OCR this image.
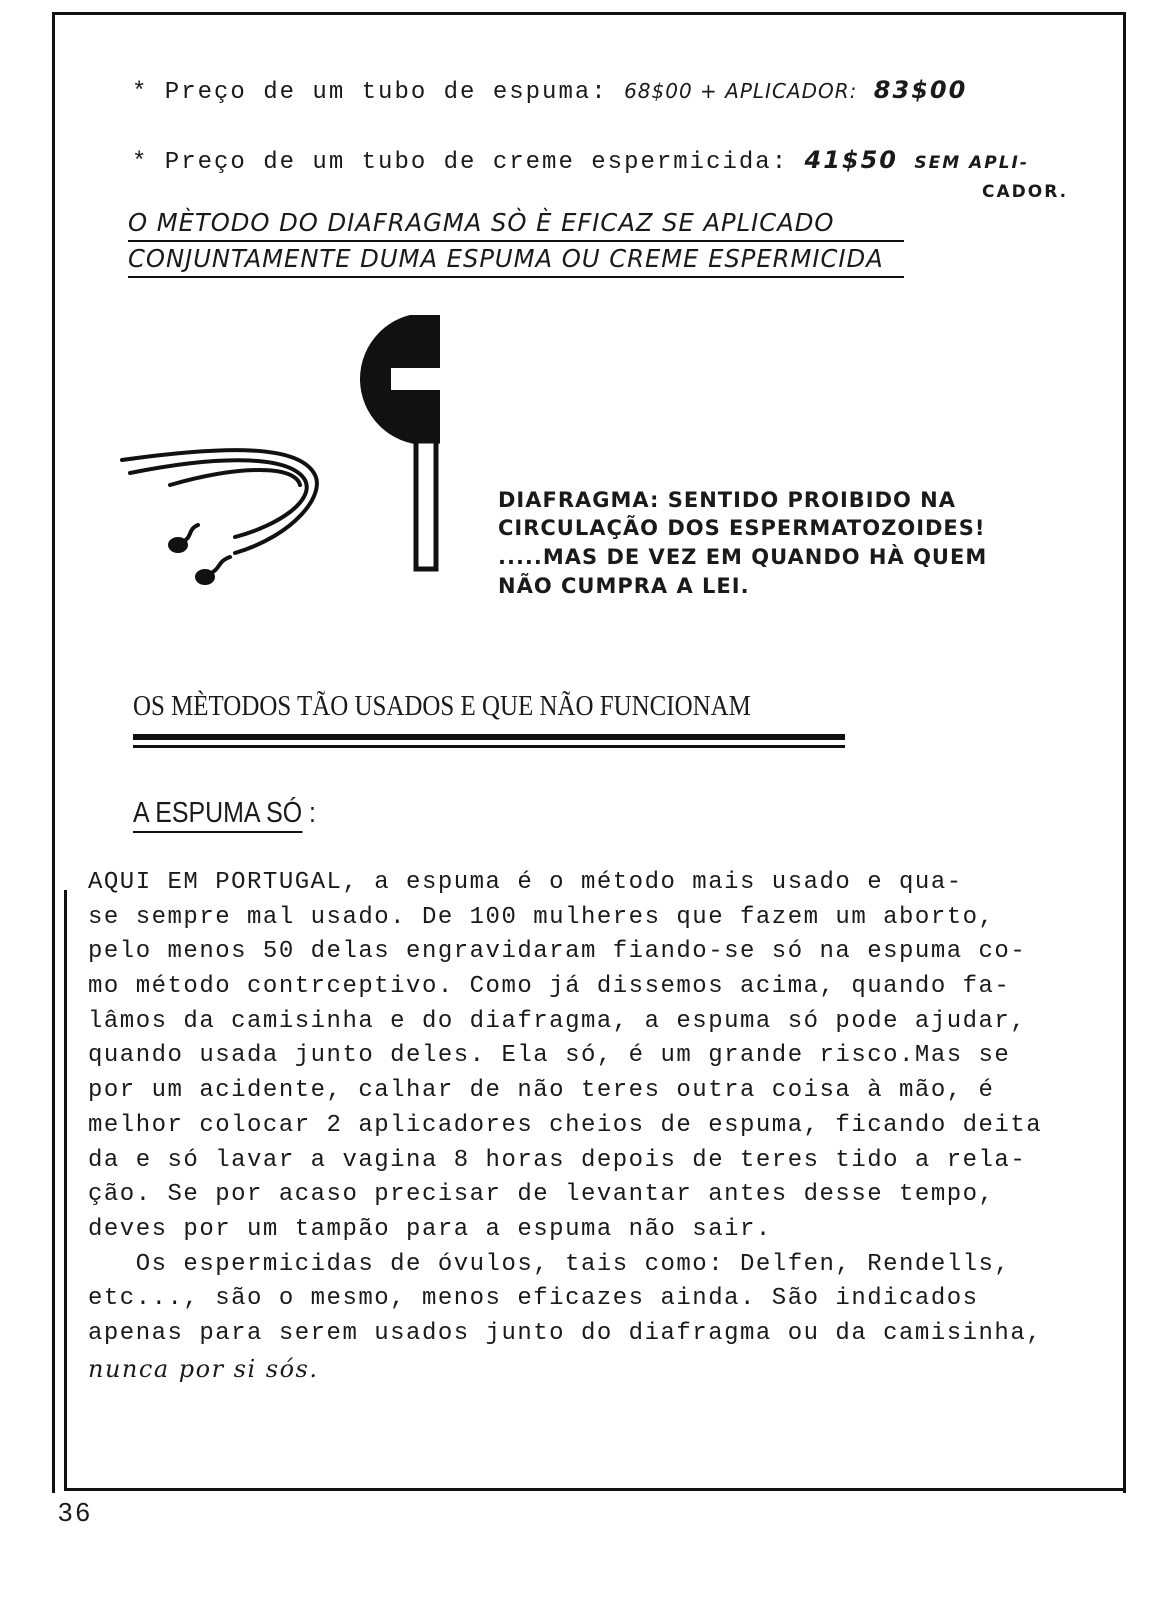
* Preço de um tubo de espuma: 68$00 + APLICADOR: 83$00
* Preço de um tubo de creme espermicida: 41$50 SEM APLI-
CADOR.
O MÈTODO DO DIAFRAGMA SÒ È EFICAZ SE APLICADO
CONJUNTAMENTE DUMA ESPUMA OU CREME ESPERMICIDA
DIAFRAGMA: SENTIDO PROIBIDO NA
CIRCULAÇÃO DOS ESPERMATOZOIDES!
.....MAS DE VEZ EM QUANDO HÀ QUEM
NÃO CUMPRA A LEI.
OS MÈTODOS TÃO USADOS E QUE NÃO FUNCIONAM
A ESPUMA SÓ :
AQUI EM PORTUGAL, a espuma é o método mais usado e qua-
se sempre mal usado. De 100 mulheres que fazem um aborto,
pelo menos 50 delas engravidaram fiando-se só na espuma co-
mo método contrceptivo. Como já dissemos acima, quando fa-
lâmos da camisinha e do diafragma, a espuma só pode ajudar,
quando usada junto deles. Ela só, é um grande risco.Mas se
por um acidente, calhar de não teres outra coisa à mão, é
melhor colocar 2 aplicadores cheios de espuma, ficando deita
da e só lavar a vagina 8 horas depois de teres tido a rela-
ção. Se por acaso precisar de levantar antes desse tempo,
deves por um tampão para a espuma não sair.
Os espermicidas de óvulos, tais como: Delfen, Rendells,
etc..., são o mesmo, menos eficazes ainda. São indicados
apenas para serem usados junto do diafragma ou da camisinha,
nunca por si sós.
36
